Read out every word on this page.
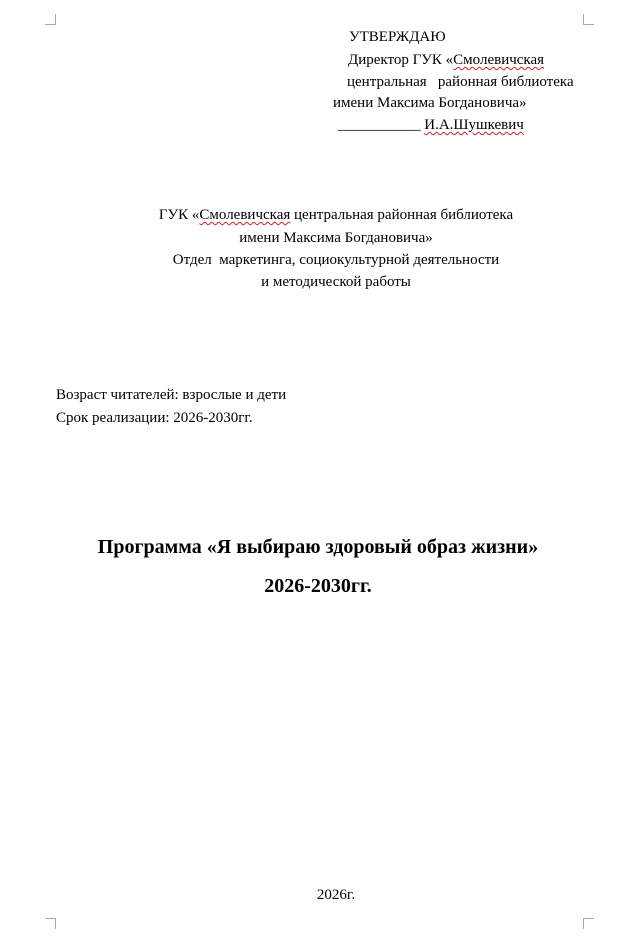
УТВЕРЖДАЮ
Директор ГУК «Смолевичская
центральная   районная библиотека
имени Максима Богдановича»
___________ И.А.Шушкевич
ГУК «Смолевичская центральная районная библиотека
имени Максима Богдановича»
Отдел  маркетинга, социокультурной деятельности
и методической работы
Возраст читателей: взрослые и дети
Срок реализации: 2026-2030гг.
Программа «Я выбираю здоровый образ жизни»
2026-2030гг.
2026г.
